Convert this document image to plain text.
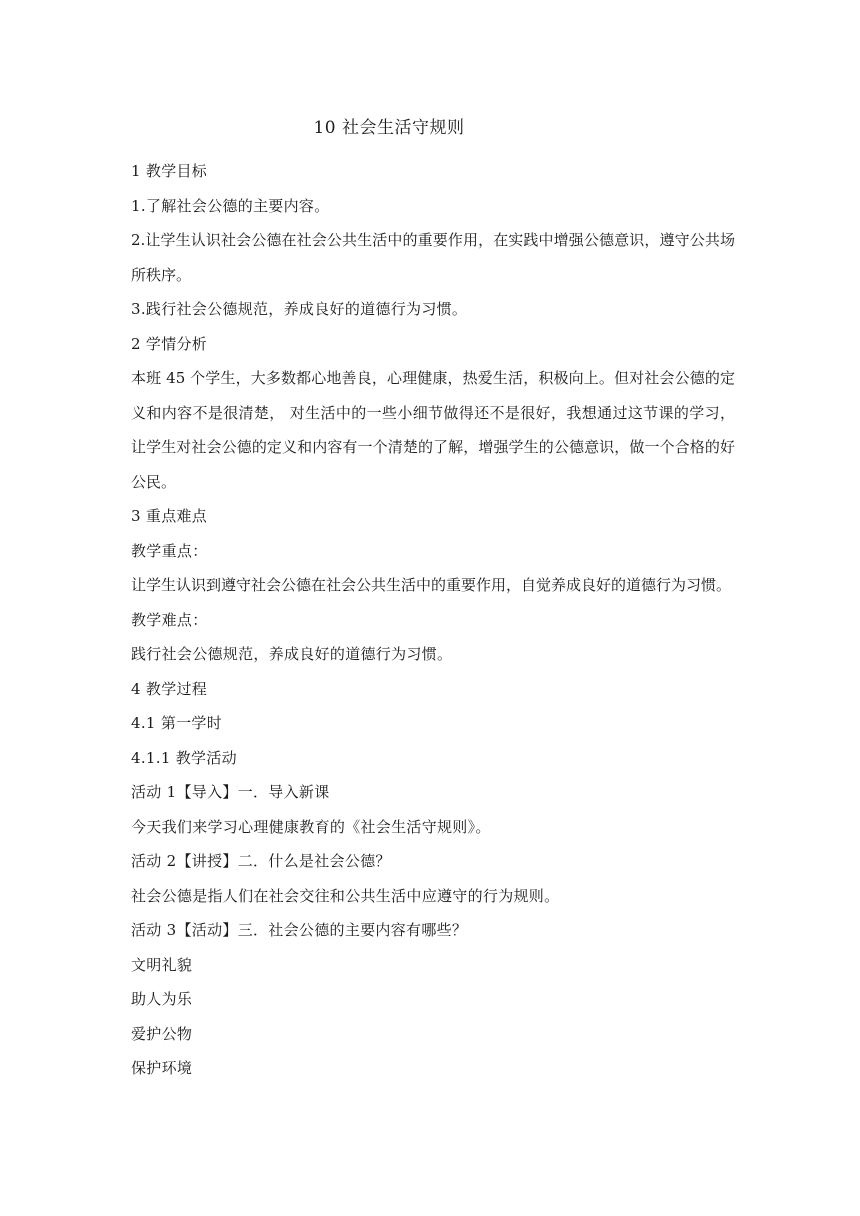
10 社会生活守规则
1 教学目标
1.了解社会公德的主要内容。
2.让学生认识社会公德在社会公共生活中的重要作用，在实践中增强公德意识，遵守公共场所秩序。
3.践行社会公德规范，养成良好的道德行为习惯。
2 学情分析
本班 45 个学生，大多数都心地善良，心理健康，热爱生活，积极向上。但对社会公德的定义和内容不是很清楚， 对生活中的一些小细节做得还不是很好，我想通过这节课的学习，让学生对社会公德的定义和内容有一个清楚的了解，增强学生的公德意识，做一个合格的好公民。
3 重点难点
教学重点：
让学生认识到遵守社会公德在社会公共生活中的重要作用，自觉养成良好的道德行为习惯。
教学难点：
践行社会公德规范，养成良好的道德行为习惯。
4 教学过程
4.1 第一学时
4.1.1 教学活动
活动 1【导入】一．导入新课
今天我们来学习心理健康教育的《社会生活守规则》。
活动 2【讲授】二．什么是社会公德？
社会公德是指人们在社会交往和公共生活中应遵守的行为规则。
活动 3【活动】三．社会公德的主要内容有哪些？
文明礼貌
助人为乐
爱护公物
保护环境
